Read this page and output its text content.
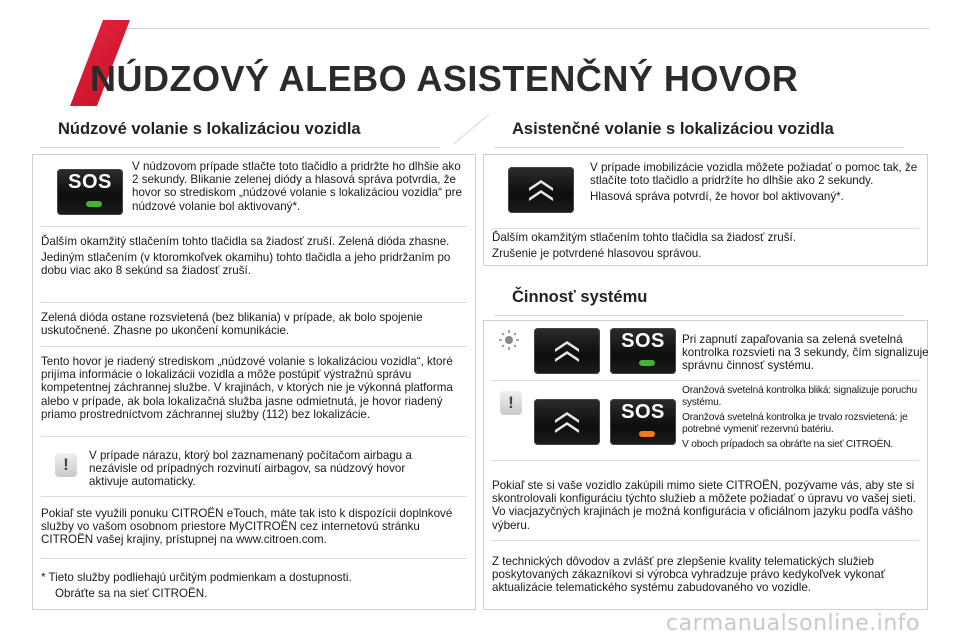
NÚDZOVÝ ALEBO ASISTENČNÝ HOVOR
Núdzové volanie s lokalizáciou vozidla
SOS
V núdzovom prípade stlačte toto tlačidlo a pridržte ho dlhšie ako 2 sekundy. Blikanie zelenej diódy a hlasová správa potvrdia, že hovor so strediskom „núdzové volanie s lokalizáciou vozidla“ pre núdzové volanie bol aktivovaný*.

Ďalším okamžitý stlačením tohto tlačidla sa žiadosť zruší. Zelená dióda zhasne.

Jediným stlačením (v ktoromkoľvek okamihu) tohto tlačidla a jeho pridržaním po dobu viac ako 8 sekúnd sa žiadosť zruší.

Zelená dióda ostane rozsvietená (bez blikania) v prípade, ak bolo spojenie uskutočnené. Zhasne po ukončení komunikácie.

Tento hovor je riadený strediskom „núdzové volanie s lokalizáciou vozidla“, ktoré prijíma informácie o lokalizácii vozidla a môže postúpiť výstražnú správu kompetentnej záchrannej službe. V krajinách, v ktorých nie je výkonná platforma alebo v prípade, ak bola lokalizačná služba jasne odmietnutá, je hovor riadený priamo prostredníctvom záchrannej služby (112) bez lokalizácie.

!	V prípade nárazu, ktorý bol zaznamenaný počítačom airbagu a nezávisle od prípadných rozvinutí airbagov, sa núdzový hovor aktivuje automaticky.

Pokiaľ ste využili ponuku CITROËN eTouch, máte tak isto k dispozícii doplnkové služby vo vašom osobnom priestore MyCITROËN cez internetovú stránku CITROËN vašej krajiny, prístupnej na www.citroen.com.

* Tieto služby podliehajú určitým podmienkam a dostupnosti.

Obráťte sa na sieť CITROËN.

Asistenčné volanie s lokalizáciou vozidla

V prípade imobilizácie vozidla môžete požiadať o pomoc tak, že stlačíte toto tlačidlo a pridržíte ho dlhšie ako 2 sekundy.

Hlasová správa potvrdí, že hovor bol aktivovaný*.

Ďalším okamžitým stlačením tohto tlačidla sa žiadosť zruší.

Zrušenie je potvrdené hlasovou správou.

Činnosť systému
SOS	Pri zapnutí zapaľovania sa zelená svetelná kontrolka rozsvieti na 3 sekundy, čím signalizuje správnu činnosť systému.

!	SOS

Oranžová svetelná kontrolka bliká: signalizuje poruchu systému.

Oranžová svetelná kontrolka je trvalo rozsvietená: je potrebné vymeniť rezervnú batériu.

V oboch prípadoch sa obráťte na sieť CITROËN.

Pokiaľ ste si vaše vozidlo zakúpili mimo siete CITROËN, pozývame vás, aby ste si skontrolovali konfiguráciu týchto služieb a môžete požiadať o úpravu vo vašej sieti. Vo viacjazyčných krajinách je možná konfigurácia v oficiálnom jazyku podľa vášho výberu.

Z technických dôvodov a zvlášť pre zlepšenie kvality telematických služieb poskytovaných zákazníkovi si výrobca vyhradzuje právo kedykoľvek vykonať aktualizácie telematického systému zabudovaného vo vozidle.

carmanualsonline.info
